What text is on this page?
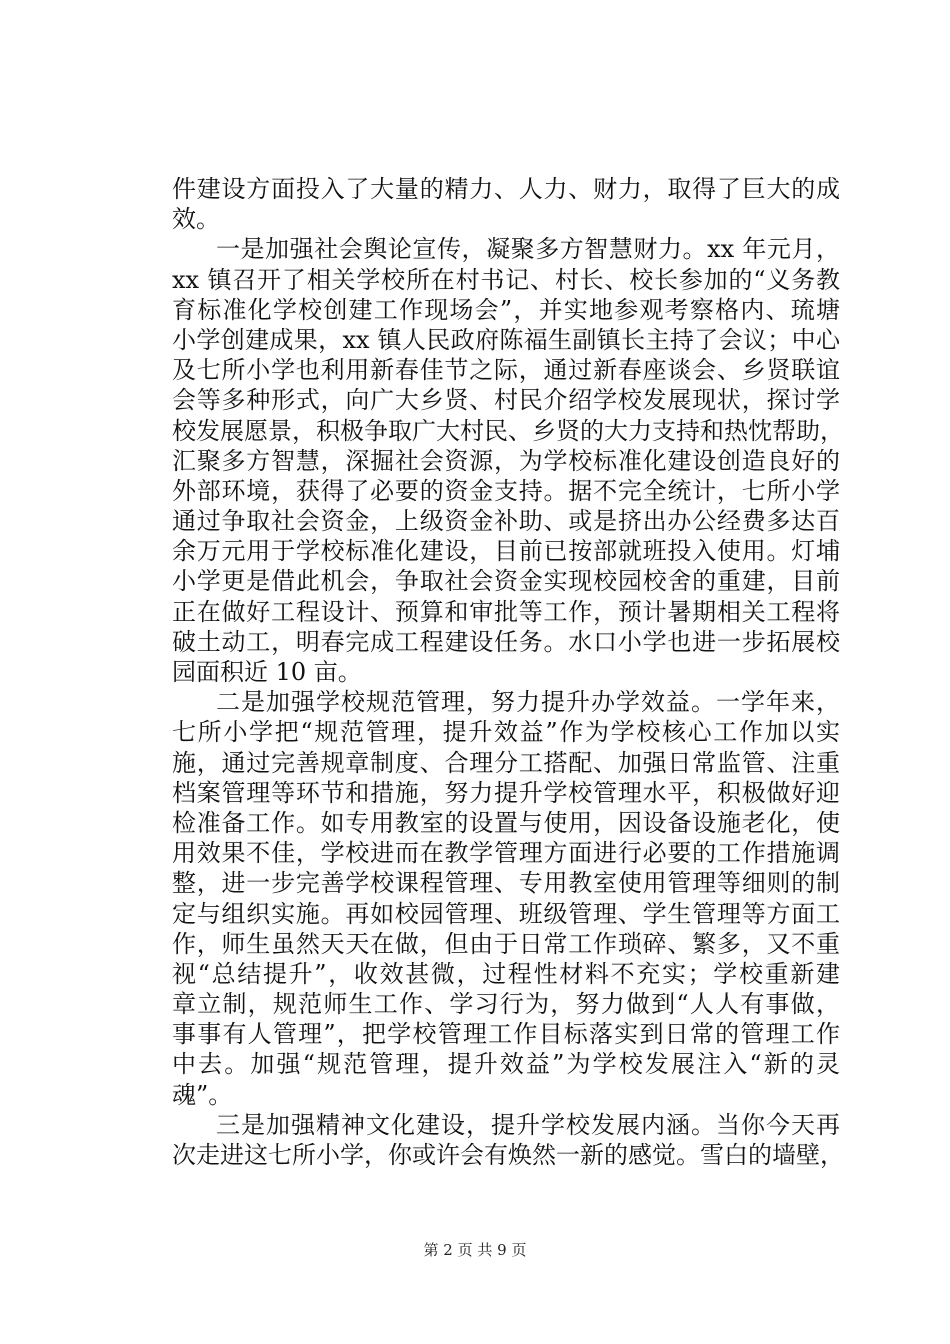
件建设方面投入了大量的精力、人力、财力，取得了巨大的成
效。
一是加强社会舆论宣传，凝聚多方智慧财力。xx 年元月，
xx 镇召开了相关学校所在村书记、村长、校长参加的“义务教
育标准化学校创建工作现场会”，并实地参观考察格内、琉塘
小学创建成果，xx 镇人民政府陈福生副镇长主持了会议；中心
及七所小学也利用新春佳节之际，通过新春座谈会、乡贤联谊
会等多种形式，向广大乡贤、村民介绍学校发展现状，探讨学
校发展愿景，积极争取广大村民、乡贤的大力支持和热忱帮助，
汇聚多方智慧，深掘社会资源，为学校标准化建设创造良好的
外部环境，获得了必要的资金支持。据不完全统计，七所小学
通过争取社会资金，上级资金补助、或是挤出办公经费多达百
余万元用于学校标准化建设，目前已按部就班投入使用。灯埔
小学更是借此机会，争取社会资金实现校园校舍的重建，目前
正在做好工程设计、预算和审批等工作，预计暑期相关工程将
破土动工，明春完成工程建设任务。水口小学也进一步拓展校
园面积近 10 亩。
二是加强学校规范管理，努力提升办学效益。一学年来，
七所小学把“规范管理，提升效益”作为学校核心工作加以实
施，通过完善规章制度、合理分工搭配、加强日常监管、注重
档案管理等环节和措施，努力提升学校管理水平，积极做好迎
检准备工作。如专用教室的设置与使用，因设备设施老化，使
用效果不佳，学校进而在教学管理方面进行必要的工作措施调
整，进一步完善学校课程管理、专用教室使用管理等细则的制
定与组织实施。再如校园管理、班级管理、学生管理等方面工
作，师生虽然天天在做，但由于日常工作琐碎、繁多，又不重
视“总结提升”，收效甚微，过程性材料不充实；学校重新建
章立制，规范师生工作、学习行为，努力做到“人人有事做，
事事有人管理”，把学校管理工作目标落实到日常的管理工作
中去。加强“规范管理，提升效益”为学校发展注入“新的灵
魂”。
三是加强精神文化建设，提升学校发展内涵。当你今天再
次走进这七所小学，你或许会有焕然一新的感觉。雪白的墙壁，
第 2 页 共 9 页
